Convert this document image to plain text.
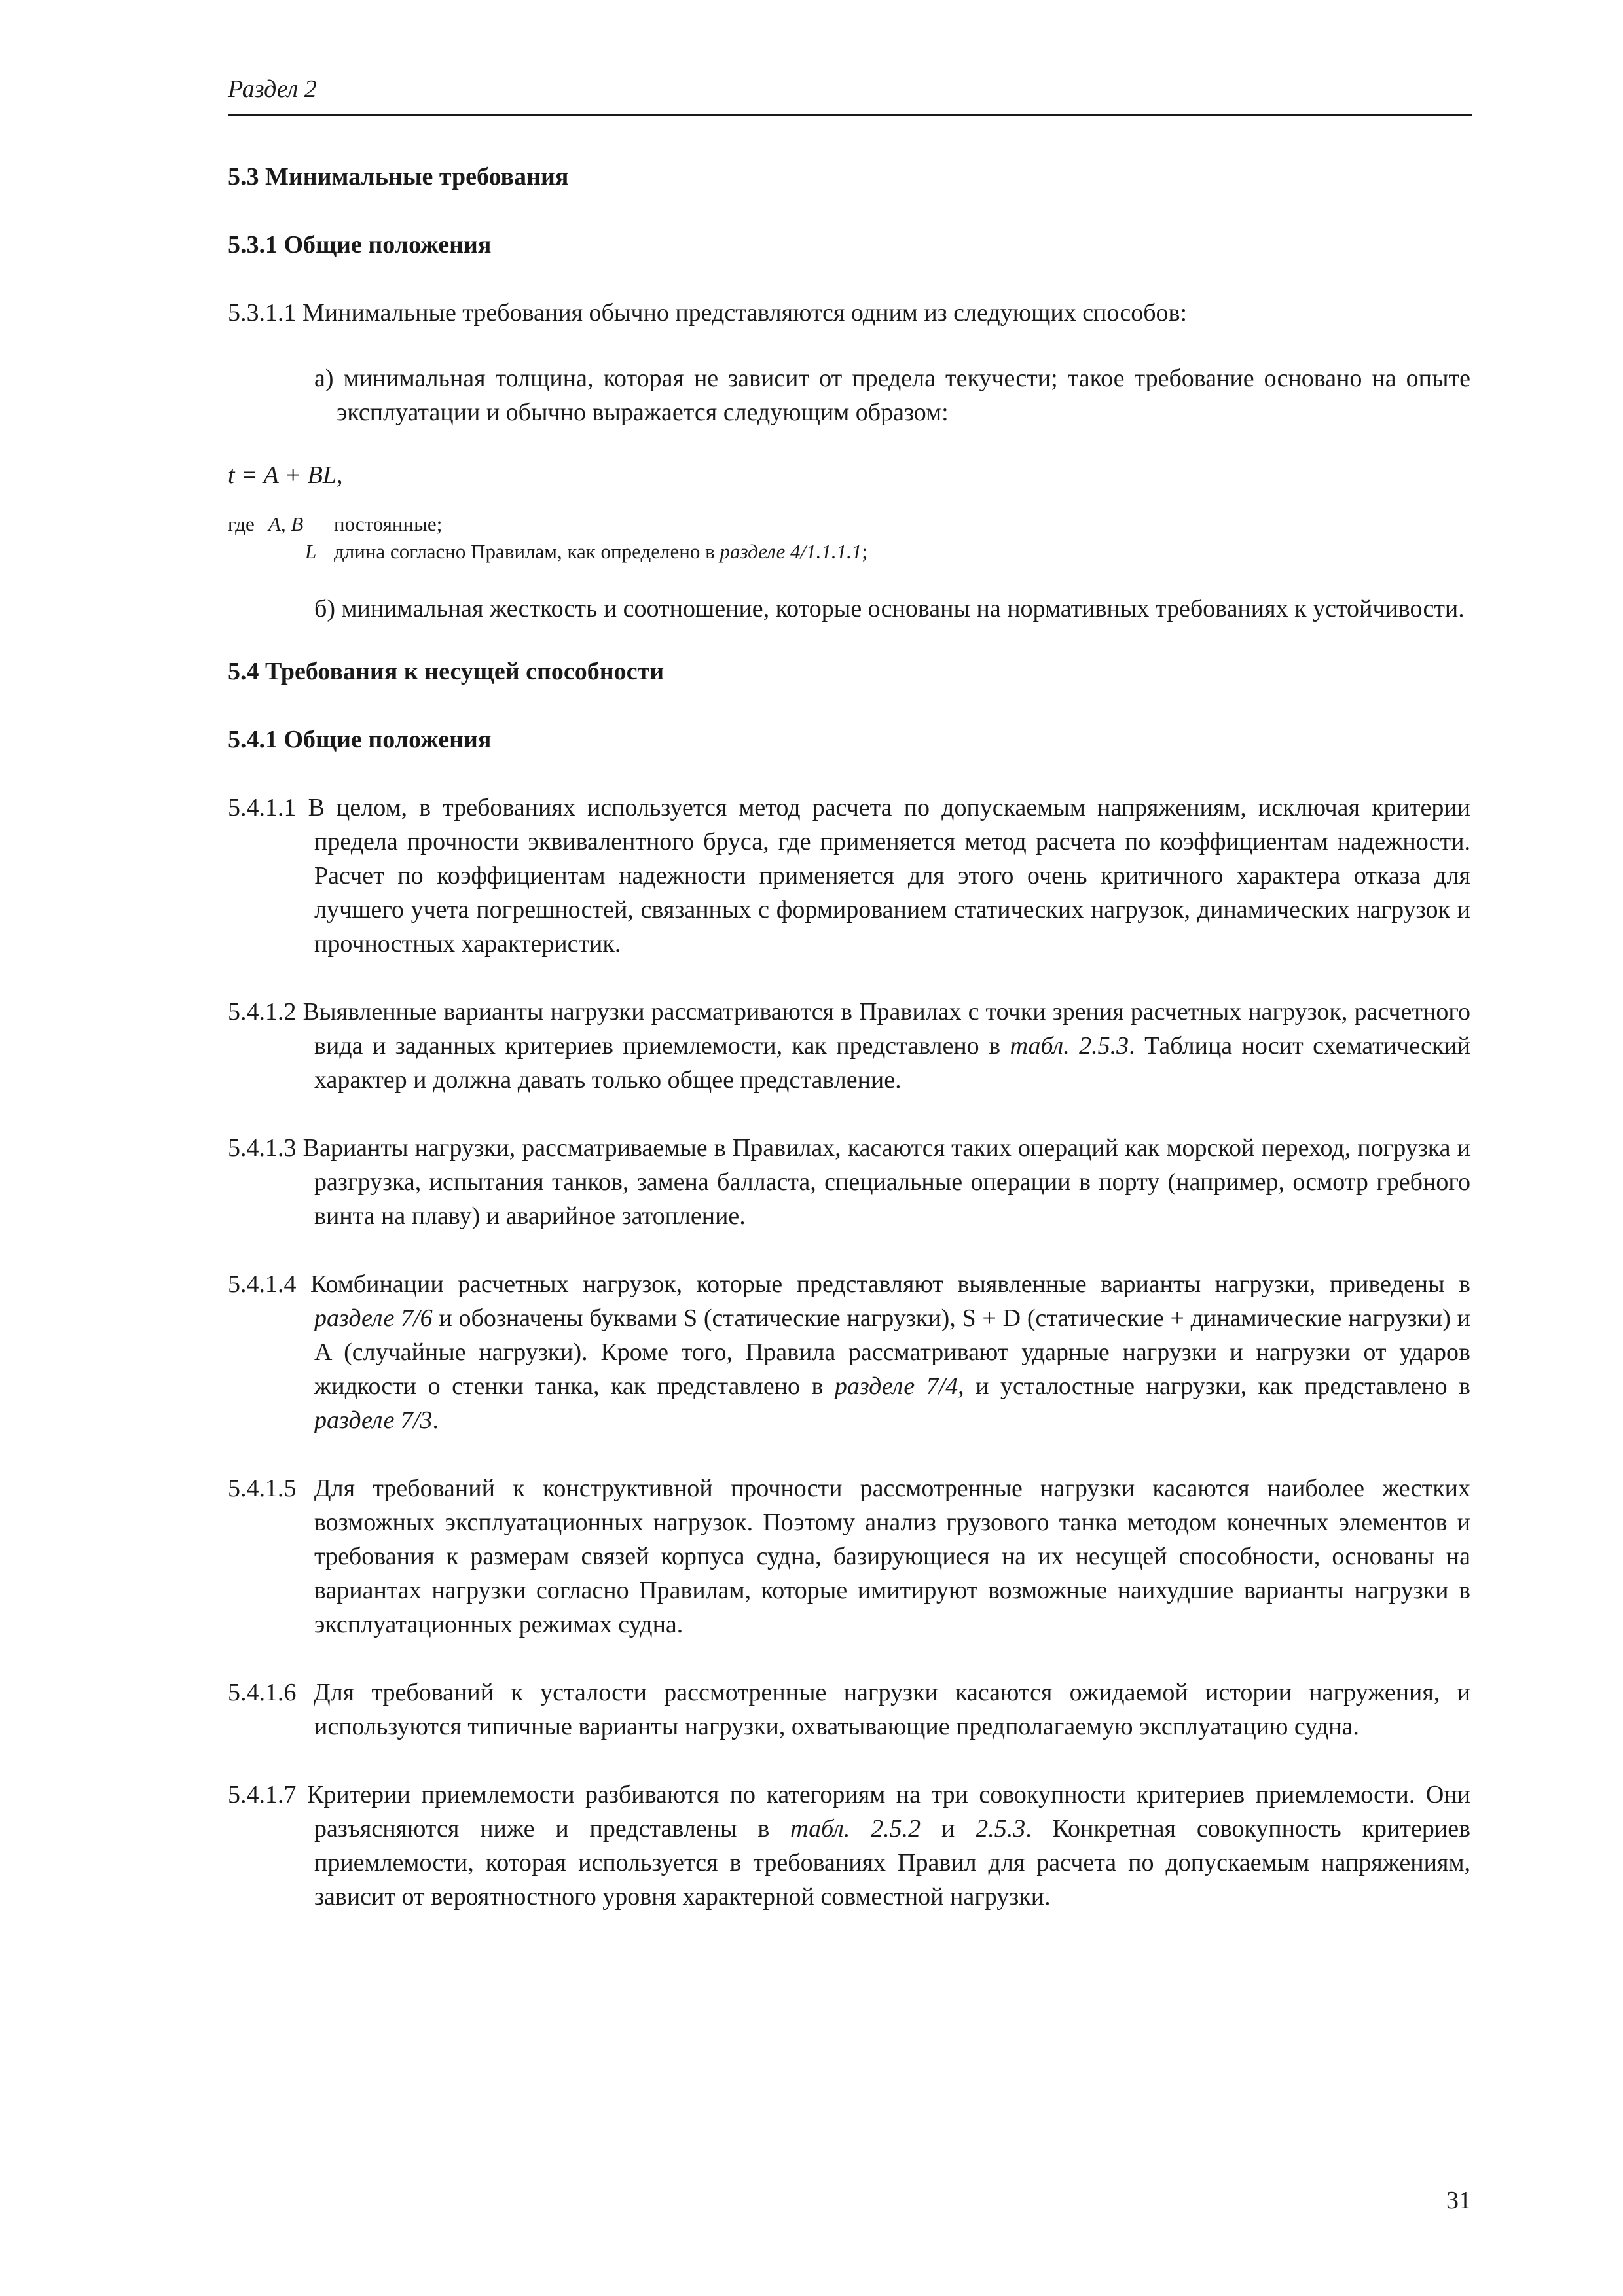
Раздел 2
5.3 Минимальные требования
5.3.1 Общие положения

5.3.1.1 Минимальные требования обычно представляются одним из следующих способов:

а) минимальная толщина, которая не зависит от предела текучести; такое требование основано на опыте эксплуатации и обычно выражается следующим образом:

t = A + BL,
где A, B	постоянные;
L длина согласно Правилам, как определено в разделе 4/1.1.1.1;

б) минимальная жесткость и соотношение, которые основаны на нормативных требованиях к устойчивости.

5.4 Требования к несущей способности
5.4.1 Общие положения

5.4.1.1 В целом, в требованиях используется метод расчета по допускаемым напряжениям, исключая критерии предела прочности эквивалентного бруса, где применяется метод расчета по коэффициентам надежности. Расчет по коэффициентам надежности применяется для этого очень критичного характера отказа для лучшего учета погрешностей, связанных с формированием статических нагрузок, динамических нагрузок и прочностных характеристик.

5.4.1.2 Выявленные варианты нагрузки рассматриваются в Правилах с точки зрения расчетных нагрузок, расчетного вида и заданных критериев приемлемости, как представлено в табл. 2.5.3. Таблица носит схематический характер и должна давать только общее представление.

5.4.1.3 Варианты нагрузки, рассматриваемые в Правилах, касаются таких операций как морской переход, погрузка и разгрузка, испытания танков, замена балласта, специальные операции в порту (например, осмотр гребного винта на плаву) и аварийное затопление.

5.4.1.4 Комбинации расчетных нагрузок, которые представляют выявленные варианты нагрузки, приведены в разделе 7/6 и обозначены буквами S (статические нагрузки), S + D (статические + динамические нагрузки) и A (случайные нагрузки). Кроме того, Правила рассматривают ударные нагрузки и нагрузки от ударов жидкости о стенки танка, как представлено в разделе 7/4, и усталостные нагрузки, как представлено в разделе 7/3.

5.4.1.5 Для требований к конструктивной прочности рассмотренные нагрузки касаются наиболее жестких возможных эксплуатационных нагрузок. Поэтому анализ грузового танка методом конечных элементов и требования к размерам связей корпуса судна, базирующиеся на их несущей способности, основаны на вариантах нагрузки согласно Правилам, которые имитируют возможные наихудшие варианты нагрузки в эксплуатационных режимах судна.

5.4.1.6 Для требований к усталости рассмотренные нагрузки касаются ожидаемой истории нагружения, и используются типичные варианты нагрузки, охватывающие предполагаемую эксплуатацию судна.

5.4.1.7 Критерии приемлемости разбиваются по категориям на три совокупности критериев приемлемости. Они разъясняются ниже и представлены в табл. 2.5.2 и 2.5.3. Конкретная совокупность критериев приемлемости, которая используется в требованиях Правил для расчета по допускаемым напряжениям, зависит от вероятностного уровня характерной совместной нагрузки.

31
